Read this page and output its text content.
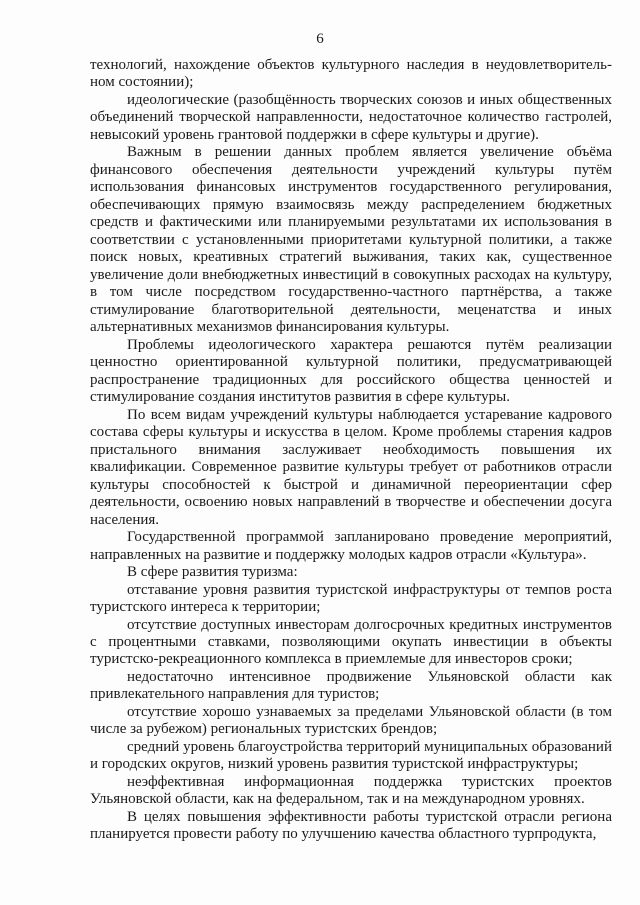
6

технологий, нахождение объектов культурного наследия в неудовлетворитель-ном состоянии);

идеологические (разобщённость творческих союзов и иных общественных объединений творческой направленности, недостаточное количество гастролей, невысокий уровень грантовой поддержки в сфере культуры и другие).

Важным в решении данных проблем является увеличение объёма финансового обеспечения деятельности учреждений культуры путём использования финансовых инструментов государственного регулирования, обеспечивающих прямую взаимосвязь между распределением бюджетных средств и фактическими или планируемыми результатами их использования в соответствии с установленными приоритетами культурной политики, а также поиск новых, креативных стратегий выживания, таких как, существенное увеличение доли внебюджетных инвестиций в совокупных расходах на культуру, в том числе посредством государственно-частного партнёрства, а также стимулирование благотворительной деятельности, меценатства и иных альтернативных механизмов финансирования культуры.

Проблемы идеологического характера решаются путём реализации ценностно ориентированной культурной политики, предусматривающей распространение традиционных для российского общества ценностей и стимулирование создания институтов развития в сфере культуры.

По всем видам учреждений культуры наблюдается устаревание кадрового состава сферы культуры и искусства в целом. Кроме проблемы старения кадров пристального внимания заслуживает необходимость повышения их квалификации. Современное развитие культуры требует от работников отрасли культуры способностей к быстрой и динамичной переориентации сфер деятельности, освоению новых направлений в творчестве и обеспечении досуга населения.

Государственной программой запланировано проведение мероприятий, направленных на развитие и поддержку молодых кадров отрасли «Культура».

В сфере развития туризма:

отставание уровня развития туристской инфраструктуры от темпов роста туристского интереса к территории;

отсутствие доступных инвесторам долгосрочных кредитных инструментов с процентными ставками, позволяющими окупать инвестиции в объекты туристско-рекреационного комплекса в приемлемые для инвесторов сроки;

недостаточно интенсивное продвижение Ульяновской области как привлекательного направления для туристов;

отсутствие хорошо узнаваемых за пределами Ульяновской области (в том числе за рубежом) региональных туристских брендов;

средний уровень благоустройства территорий муниципальных образований и городских округов, низкий уровень развития туристской инфраструктуры;

неэффективная информационная поддержка туристских проектов Ульяновской области, как на федеральном, так и на международном уровнях.

В целях повышения эффективности работы туристской отрасли региона планируется провести работу по улучшению качества областного турпродукта,
